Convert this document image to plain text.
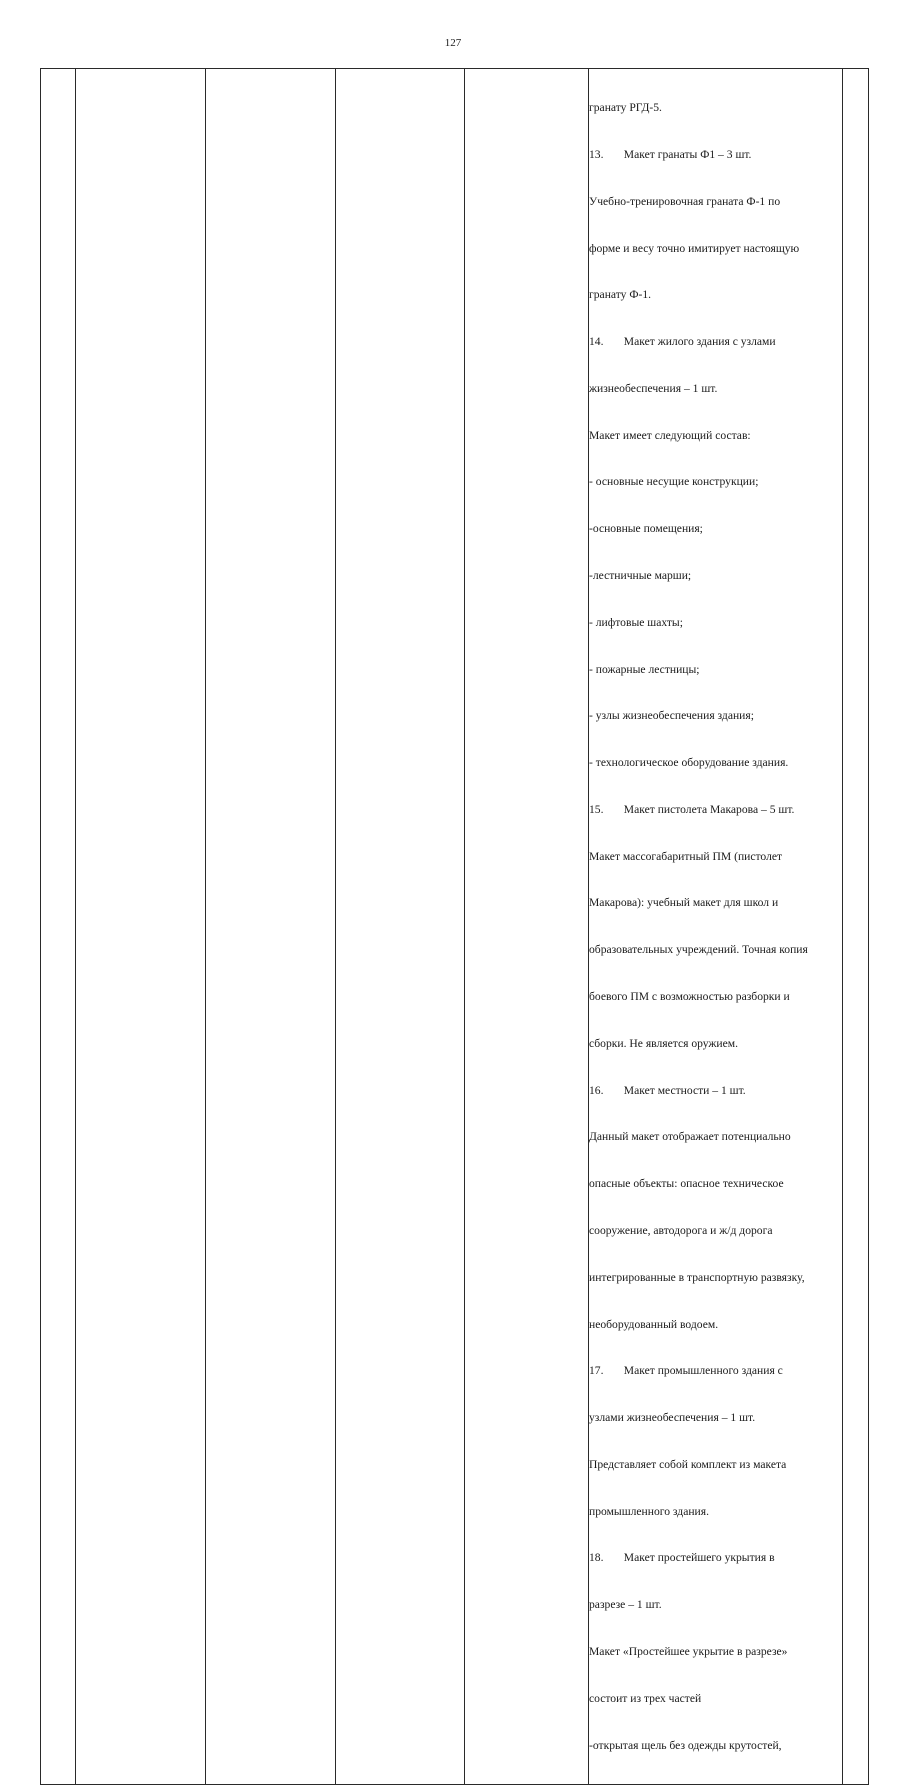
127

гранату РГД-5.

13.       Макет гранаты Ф1 – 3 шт.

Учебно-тренировочная граната Ф-1 по

форме и весу точно имитирует настоящую

гранату Ф-1.

14.       Макет жилого здания с узлами

жизнеобеспечения – 1 шт.

Макет имеет следующий состав:

- основные несущие конструкции;

-основные помещения;

-лестничные марши;

- лифтовые шахты;

- пожарные лестницы;

- узлы жизнеобеспечения здания;

- технологическое оборудование здания.

15.       Макет пистолета Макарова – 5 шт.

Макет массогабаритный ПМ (пистолет

Макарова): учебный макет для школ и

образовательных учреждений. Точная копия

боевого ПМ с возможностью разборки и

сборки. Не является оружием.

16.       Макет местности – 1 шт.

Данный макет отображает потенциально

опасные объекты: опасное техническое

сооружение, автодорога и ж/д дорога

интегрированные в транспортную развязку,

необорудованный водоем.

17.       Макет промышленного здания с

узлами жизнеобеспечения – 1 шт.

Представляет собой комплект из макета

промышленного здания.

18.       Макет простейшего укрытия в

разрезе – 1 шт.

Макет «Простейшее укрытие в разрезе»

состоит из трех частей

-открытая щель без одежды крутостей,
